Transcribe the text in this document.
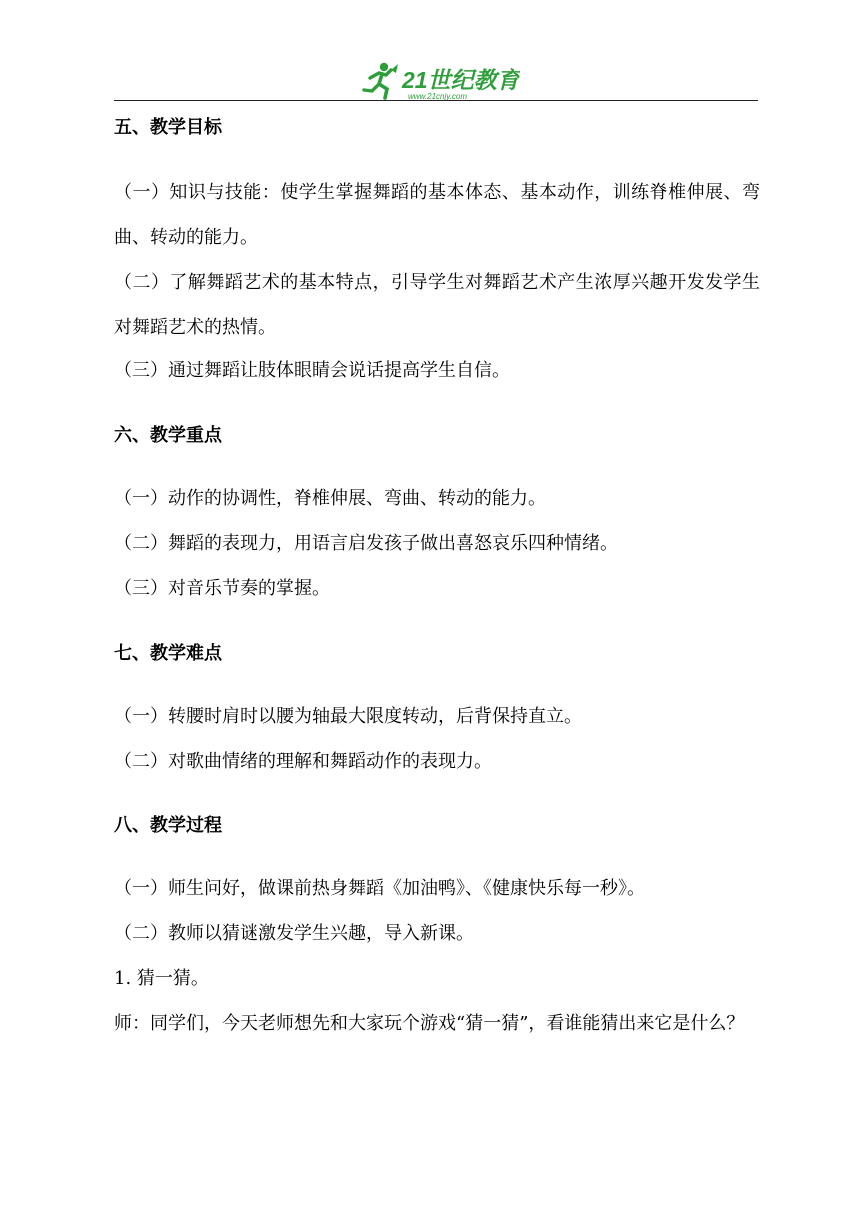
21世纪教育
www.21cnjy.com
五、教学目标

（一）知识与技能：使学生掌握舞蹈的基本体态、基本动作，训练脊椎伸展、弯曲、转动的能力。

（二）了解舞蹈艺术的基本特点，引导学生对舞蹈艺术产生浓厚兴趣开发发学生对舞蹈艺术的热情。

（三）通过舞蹈让肢体眼睛会说话提高学生自信。

六、教学重点

（一）动作的协调性，脊椎伸展、弯曲、转动的能力。

（二）舞蹈的表现力，用语言启发孩子做出喜怒哀乐四种情绪。

（三）对音乐节奏的掌握。

七、教学难点

（一）转腰时肩时以腰为轴最大限度转动，后背保持直立。

（二）对歌曲情绪的理解和舞蹈动作的表现力。

八、教学过程

（一）师生问好，做课前热身舞蹈《加油鸭》、《健康快乐每一秒》。

（二）教师以猜谜激发学生兴趣，导入新课。

1. 猜一猜。

师：同学们，今天老师想先和大家玩个游戏“猜一猜”，看谁能猜出来它是什么？
